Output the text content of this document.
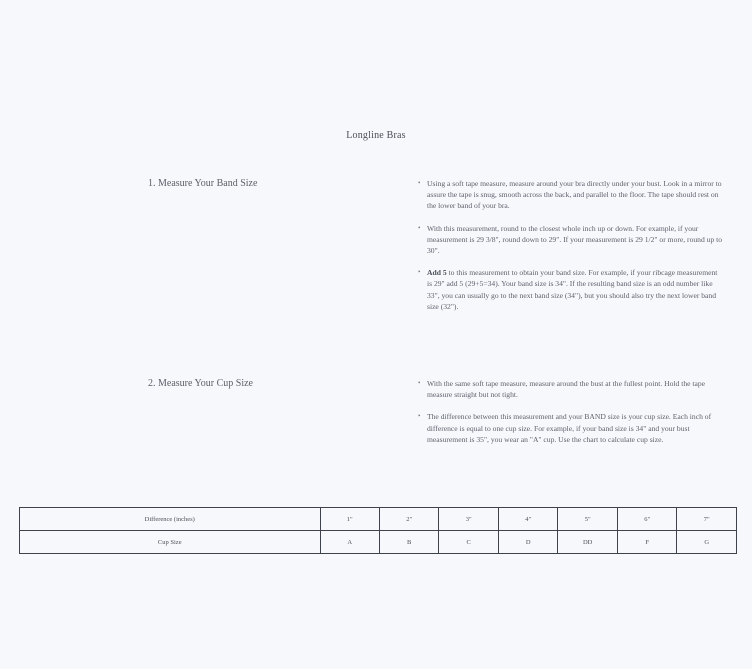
Longline Bras
1. Measure Your Band Size	• Using a soft tape measure, measure around your bra directly under your bust. Look in a mirror to assure the tape is snug, smooth across the back, and parallel to the floor. The tape should rest on the lower band of your bra.
• With this measurement, round to the closest whole inch up or down. For example, if your measurement is 29 3/8", round down to 29". If your measurement is 29 1/2" or more, round up to 30".
• Add 5 to this measurement to obtain your band size. For example, if your ribcage measurement is 29" add 5 (29+5=34). Your band size is 34". If the resulting band size is an odd number like 33", you can usually go to the next band size (34"), but you should also try the next lower band size (32").
2. Measure Your Cup Size	• With the same soft tape measure, measure around the bust at the fullest point. Hold the tape measure straight but not tight.
• The difference between this measurement and your BAND size is your cup size. Each inch of difference is equal to one cup size. For example, if your band size is 34" and your bust measurement is 35", you wear an "A" cup. Use the chart to calculate cup size.
Difference (inches)	1"	2"	3"	4"	5"	6"	7"
Cup Size	A	B	C	D	DD	F	G
